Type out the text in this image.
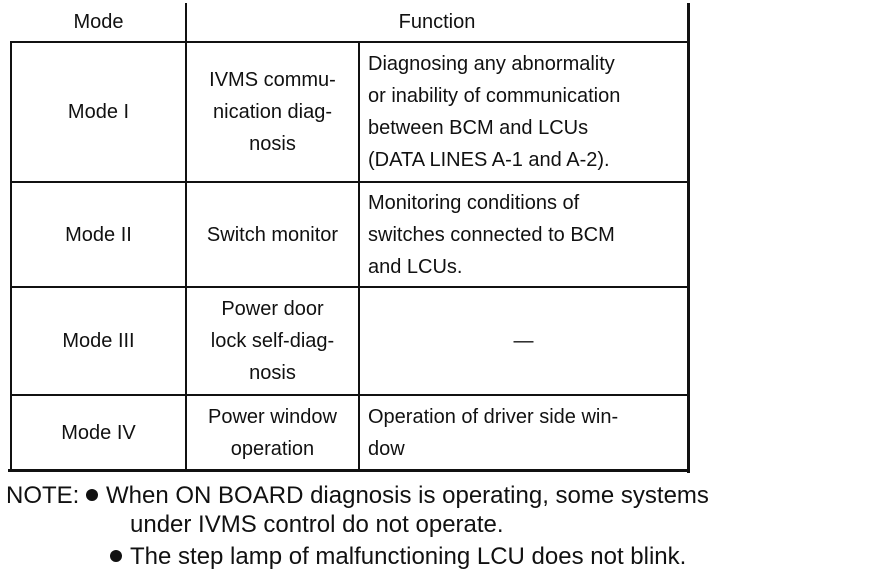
Mode	Function
Mode I
IVMS commu-
nication diag-
nosis
Diagnosing any abnormality
or inability of communication
between BCM and LCUs
(DATA LINES A-1 and A-2).
Mode II	Switch monitor
Monitoring conditions of
switches connected to BCM
and LCUs.
Mode III
Power door
lock self-diag-
nosis
—
Mode IV
Power window
operation
Operation of driver side win-
dow
NOTE: When ON BOARD diagnosis is operating, some systems
under IVMS control do not operate.
The step lamp of malfunctioning LCU does not blink.
